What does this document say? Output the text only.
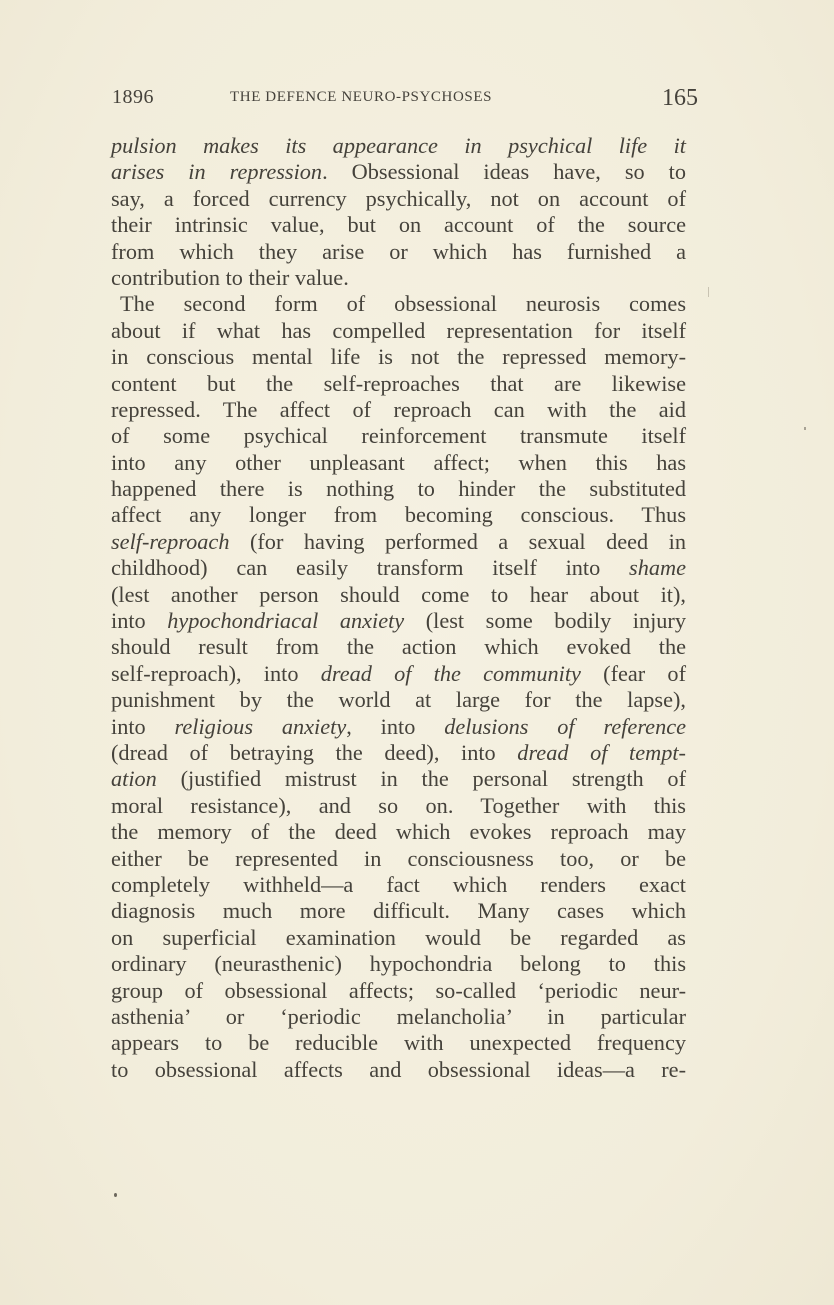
1896	THE DEFENCE NEURO-PSYCHOSES	165
pulsion makes its appearance in psychical life it
arises in repression. Obsessional ideas have, so to
say, a forced currency psychically, not on account of
their intrinsic value, but on account of the source
from which they arise or which has furnished a
contribution to their value.
The second form of obsessional neurosis comes
about if what has compelled representation for itself
in conscious mental life is not the repressed memory-
content but the self-reproaches that are likewise
repressed. The affect of reproach can with the aid
of some psychical reinforcement transmute itself
into any other unpleasant affect; when this has
happened there is nothing to hinder the substituted
affect any longer from becoming conscious. Thus
self-reproach (for having performed a sexual deed in
childhood) can easily transform itself into shame
(lest another person should come to hear about it),
into hypochondriacal anxiety (lest some bodily injury
should result from the action which evoked the
self-reproach), into dread of the community (fear of
punishment by the world at large for the lapse),
into religious anxiety, into delusions of reference
(dread of betraying the deed), into dread of tempt-
ation (justified mistrust in the personal strength of
moral resistance), and so on. Together with this
the memory of the deed which evokes reproach may
either be represented in consciousness too, or be
completely withheld—a fact which renders exact
diagnosis much more difficult. Many cases which
on superficial examination would be regarded as
ordinary (neurasthenic) hypochondria belong to this
group of obsessional affects; so-called ‘periodic neur-
asthenia’ or ‘periodic melancholia’ in particular
appears to be reducible with unexpected frequency
to obsessional affects and obsessional ideas—a re-
